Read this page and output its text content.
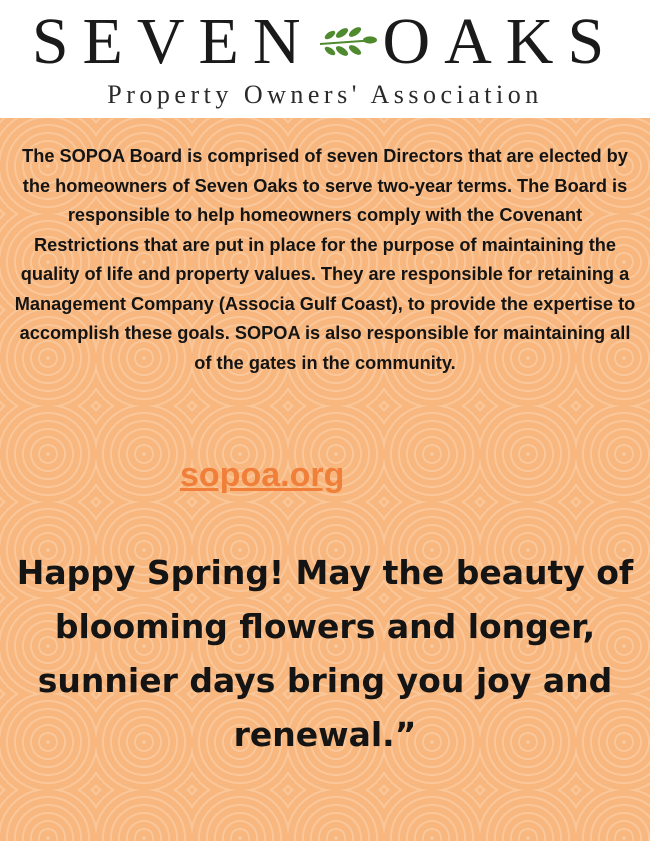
SEVEN OAKS
Property Owners' Association
The SOPOA Board is comprised of seven Directors that are elected by the homeowners of Seven Oaks to serve two-year terms. The Board is responsible to help homeowners comply with the Covenant Restrictions that are put in place for the purpose of maintaining the quality of life and property values. They are responsible for retaining a Management Company (Associa Gulf Coast), to provide the expertise to accomplish these goals. SOPOA is also responsible for maintaining all of the gates in the community.
sopoa.org
Happy Spring! May the beauty of blooming flowers and longer, sunnier days bring you joy and renewal.”
